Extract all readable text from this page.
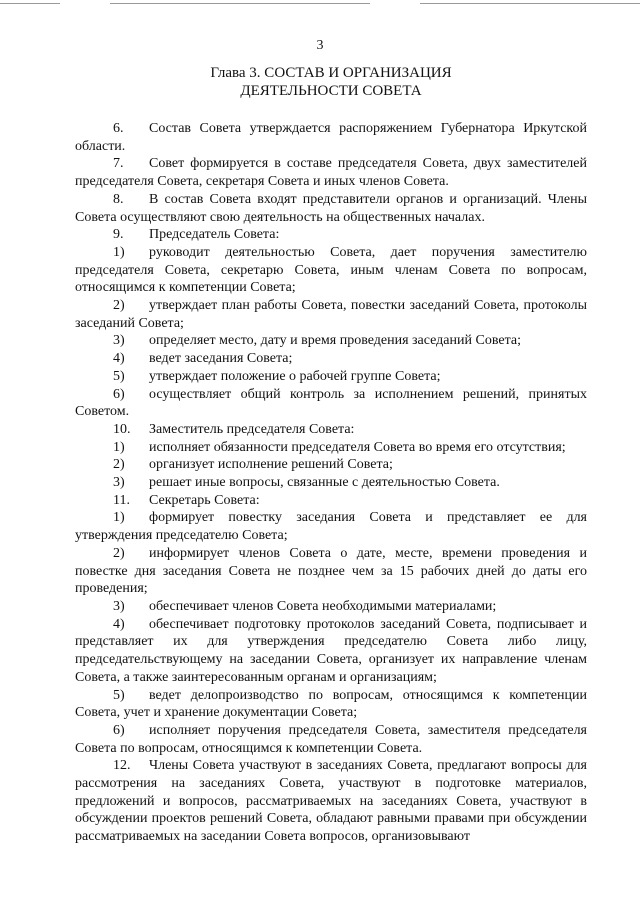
3
Глава 3. СОСТАВ И ОРГАНИЗАЦИЯ
ДЕЯТЕЛЬНОСТИ СОВЕТА

6. Состав Совета утверждается распоряжением Губернатора Иркутской области.

7. Совет формируется в составе председателя Совета, двух заместителей председателя Совета, секретаря Совета и иных членов Совета.

8. В состав Совета входят представители органов и организаций. Члены Совета осуществляют свою деятельность на общественных началах.

9. Председатель Совета:

1) руководит деятельностью Совета, дает поручения заместителю председателя Совета, секретарю Совета, иным членам Совета по вопросам, относящимся к компетенции Совета;

2) утверждает план работы Совета, повестки заседаний Совета, протоколы заседаний Совета;

3) определяет место, дату и время проведения заседаний Совета;

4) ведет заседания Совета;

5) утверждает положение о рабочей группе Совета;

6) осуществляет общий контроль за исполнением решений, принятых Советом.

10. Заместитель председателя Совета:

1) исполняет обязанности председателя Совета во время его отсутствия;

2) организует исполнение решений Совета;

3) решает иные вопросы, связанные с деятельностью Совета.

11. Секретарь Совета:

1) формирует повестку заседания Совета и представляет ее для утверждения председателю Совета;

2) информирует членов Совета о дате, месте, времени проведения и повестке дня заседания Совета не позднее чем за 15 рабочих дней до даты его проведения;

3) обеспечивает членов Совета необходимыми материалами;

4) обеспечивает подготовку протоколов заседаний Совета, подписывает и представляет их для утверждения председателю Совета либо лицу, председательствующему на заседании Совета, организует их направление членам Совета, а также заинтересованным органам и организациям;

5) ведет делопроизводство по вопросам, относящимся к компетенции Совета, учет и хранение документации Совета;

6) исполняет поручения председателя Совета, заместителя председателя Совета по вопросам, относящимся к компетенции Совета.

12. Члены Совета участвуют в заседаниях Совета, предлагают вопросы для рассмотрения на заседаниях Совета, участвуют в подготовке материалов, предложений и вопросов, рассматриваемых на заседаниях Совета, участвуют в обсуждении проектов решений Совета, обладают равными правами при обсуждении рассматриваемых на заседании Совета вопросов, организовывают
